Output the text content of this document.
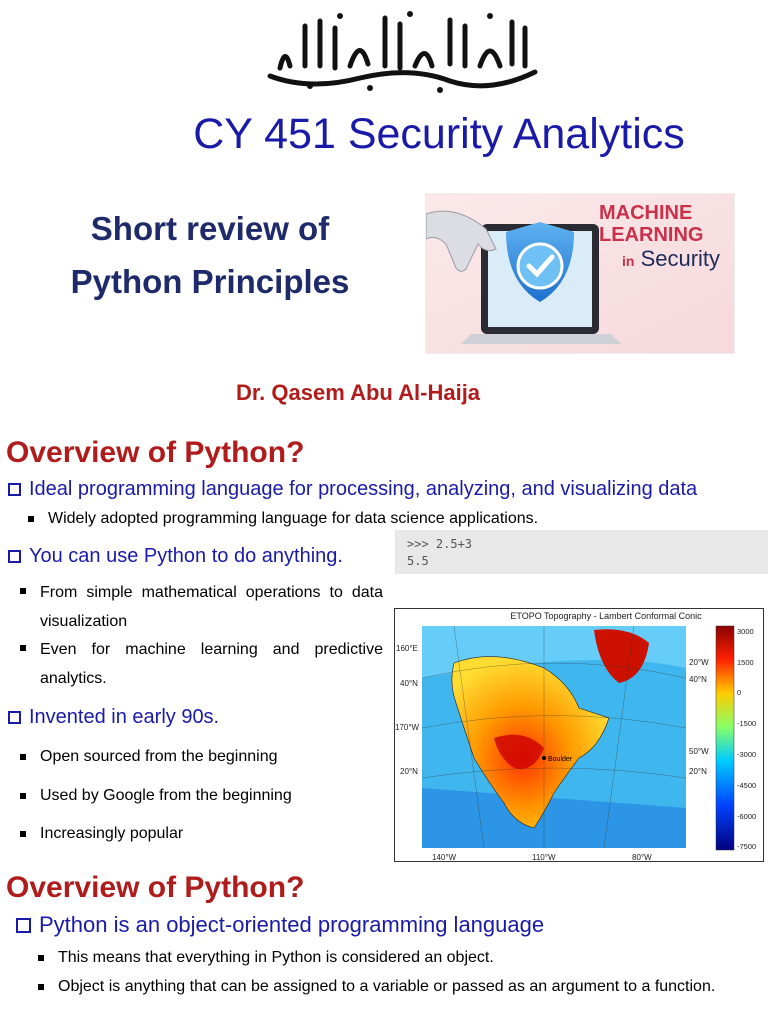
CY 451 Security Analytics
Short review of
Python Principles
MACHINE
LEARNING
in Security
Dr. Qasem Abu Al-Haija
Overview of Python?
Ideal programming language for processing, analyzing, and visualizing data
Widely adopted programming language for data science applications.
You can use Python to do anything.
From simple mathematical operations to data visualization
Even for machine learning and predictive analytics.
Invented in early 90s.
Open sourced from the beginning
Used by Google from the beginning
Increasingly popular
>>> 2.5+3
5.5
ETOPO Topography - Lambert Conformal Conic
Boulder
160°E
40°N
170°W
20°N
20°W
40°N
50°W
20°N
140°W	110°W	80°W
3000
1500
0
-1500
-3000
-4500
-6000
-7500
Overview of Python?
Python is an object-oriented programming language
This means that everything in Python is considered an object.
Object is anything that can be assigned to a variable or passed as an argument to a function.
